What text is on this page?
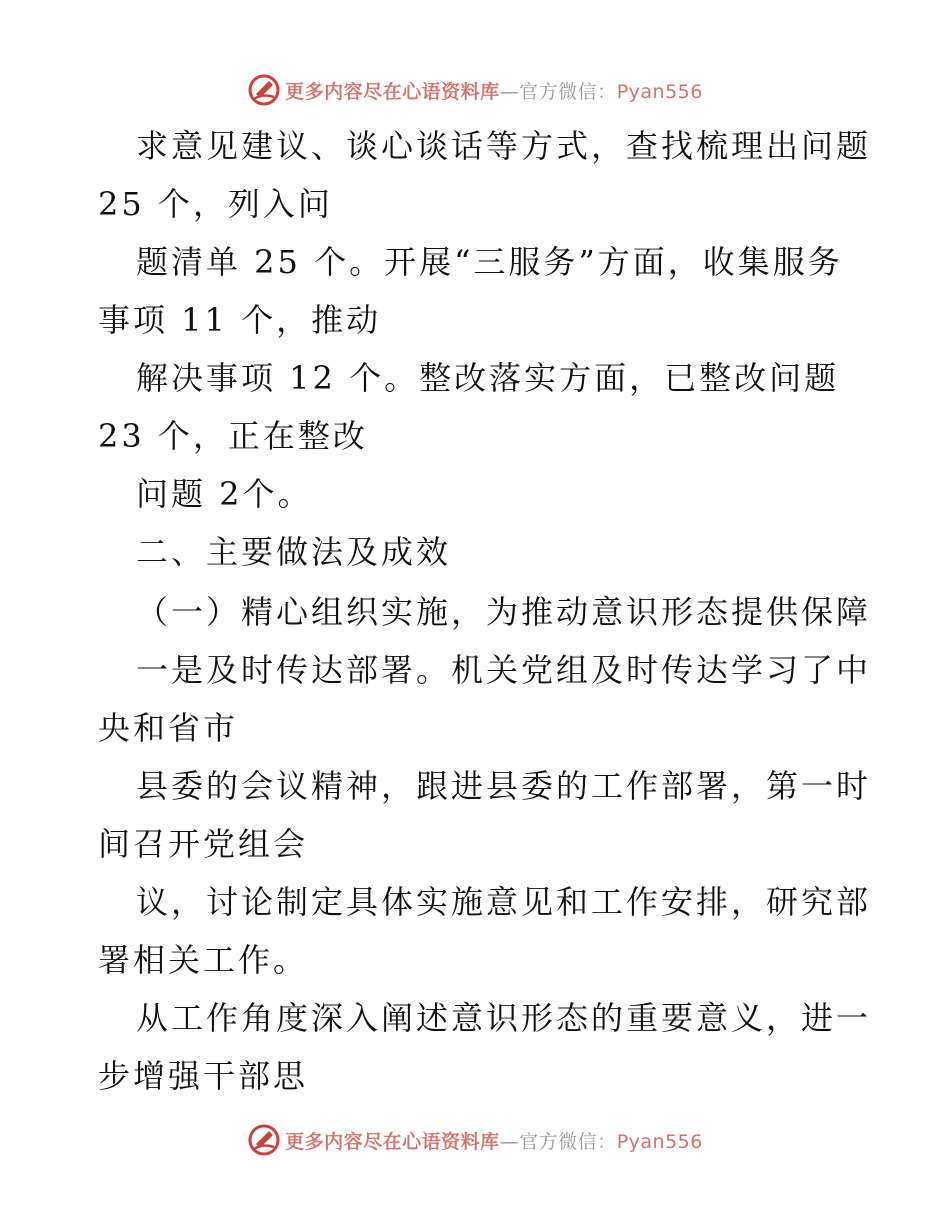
更多内容尽在心语资料库—官方微信：Pyan556
求意见建议、谈心谈话等方式，查找梳理出问题
25 个，列入问
题清单 25 个。开展“三服务”方面，收集服务
事项 11 个，推动
解决事项 12 个。整改落实方面，已整改问题
23 个，正在整改
问题 2个。
二、主要做法及成效
（一）精心组织实施，为推动意识形态提供保障
一是及时传达部署。机关党组及时传达学习了中
央和省市
县委的会议精神，跟进县委的工作部署，第一时
间召开党组会
议，讨论制定具体实施意见和工作安排，研究部
署相关工作。
从工作角度深入阐述意识形态的重要意义，进一
步增强干部思
更多内容尽在心语资料库—官方微信：Pyan556
